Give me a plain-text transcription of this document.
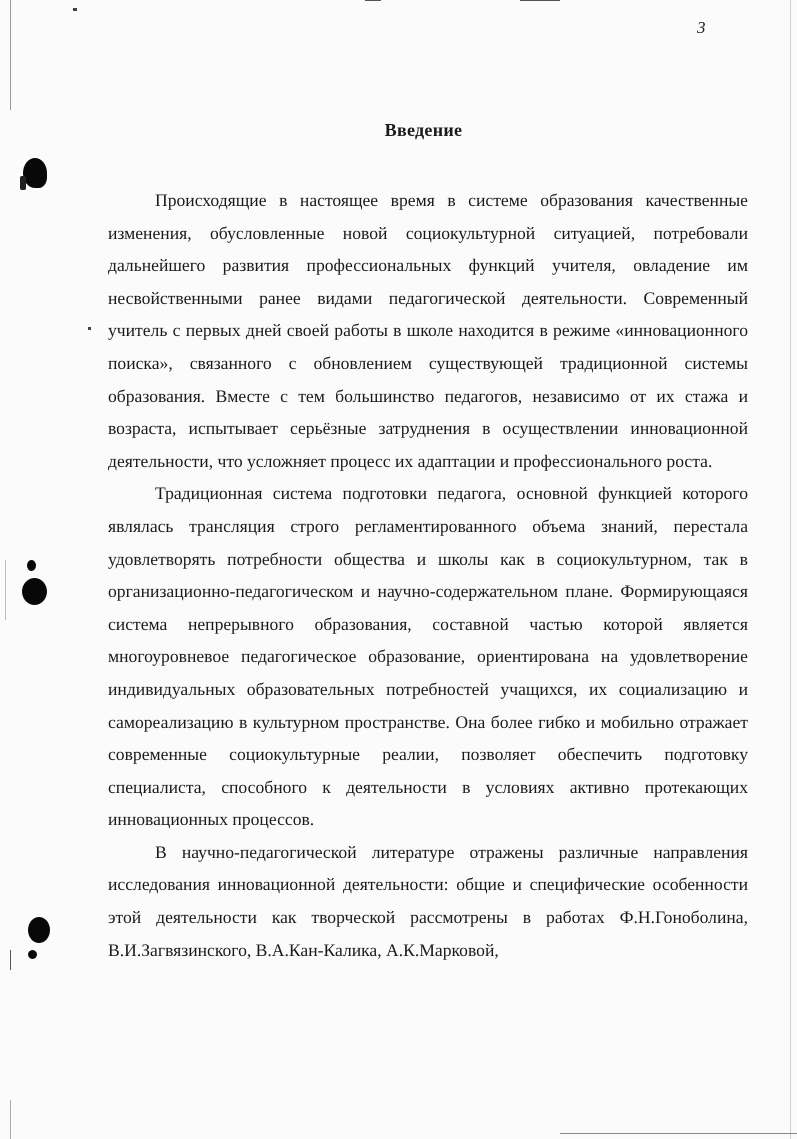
3
Введение

Происходящие в настоящее время в системе образования качественные изменения, обусловленные новой социокультурной ситуацией, потребовали дальнейшего развития профессиональных функций учителя, овладение им несвойственными ранее видами педагогической деятельности. Современный учитель с первых дней своей работы в школе находится в режиме «инновационного поиска», связанного с обновлением существующей традиционной системы образования. Вместе с тем большинство педагогов, независимо от их стажа и возраста, испытывает серьёзные затруднения в осуществлении инновационной деятельности, что усложняет процесс их адаптации и профессионального роста.

Традиционная система подготовки педагога, основной функцией которого являлась трансляция строго регламентированного объема знаний, перестала удовлетворять потребности общества и школы как в социокультурном, так в организационно-педагогическом и научно-содержательном плане. Формирующаяся система непрерывного образования, составной частью которой является многоуровневое педагогическое образование, ориентирована на удовлетворение индивидуальных образовательных потребностей учащихся, их социализацию и самореализацию в культурном пространстве. Она более гибко и мобильно отражает современные социокультурные реалии, позволяет обеспечить подготовку специалиста, способного к деятельности в условиях активно протекающих инновационных процессов.

В научно-педагогической литературе отражены различные направления исследования инновационной деятельности: общие и специфические особенности этой деятельности как творческой рассмотрены в работах Ф.Н.Гоноболина, В.И.Загвязинского, В.А.Кан-Калика, А.К.Марковой,
